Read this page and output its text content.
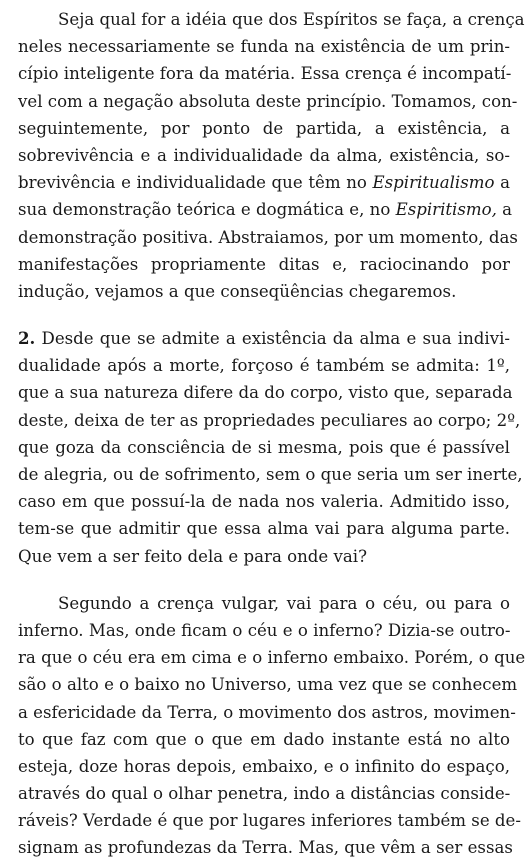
Seja qual for a idéia que dos Espíritos se faça, a crença
neles necessariamente se funda na existência de um prin-
cípio inteligente fora da matéria. Essa crença é incompatí-
vel com a negação absoluta deste princípio. Tomamos, con-
seguintemente, por ponto de partida, a existência, a
sobrevivência e a individualidade da alma, existência, so-
brevivência e individualidade que têm no Espiritualismo a
sua demonstração teórica e dogmática e, no Espiritismo, a
demonstração positiva. Abstraiamos, por um momento, das
manifestações propriamente ditas e, raciocinando por
indução, vejamos a que conseqüências chegaremos.
2. Desde que se admite a existência da alma e sua indivi-
dualidade após a morte, forçoso é também se admita: 1º,
que a sua natureza difere da do corpo, visto que, separada
deste, deixa de ter as propriedades peculiares ao corpo; 2º,
que goza da consciência de si mesma, pois que é passível
de alegria, ou de sofrimento, sem o que seria um ser inerte,
caso em que possuí-la de nada nos valeria. Admitido isso,
tem-se que admitir que essa alma vai para alguma parte.
Que vem a ser feito dela e para onde vai?
Segundo a crença vulgar, vai para o céu, ou para o
inferno. Mas, onde ficam o céu e o inferno? Dizia-se outro-
ra que o céu era em cima e o inferno embaixo. Porém, o que
são o alto e o baixo no Universo, uma vez que se conhecem
a esfericidade da Terra, o movimento dos astros, movimen-
to que faz com que o que em dado instante está no alto
esteja, doze horas depois, embaixo, e o infinito do espaço,
através do qual o olhar penetra, indo a distâncias conside-
ráveis? Verdade é que por lugares inferiores também se de-
signam as profundezas da Terra. Mas, que vêm a ser essas
